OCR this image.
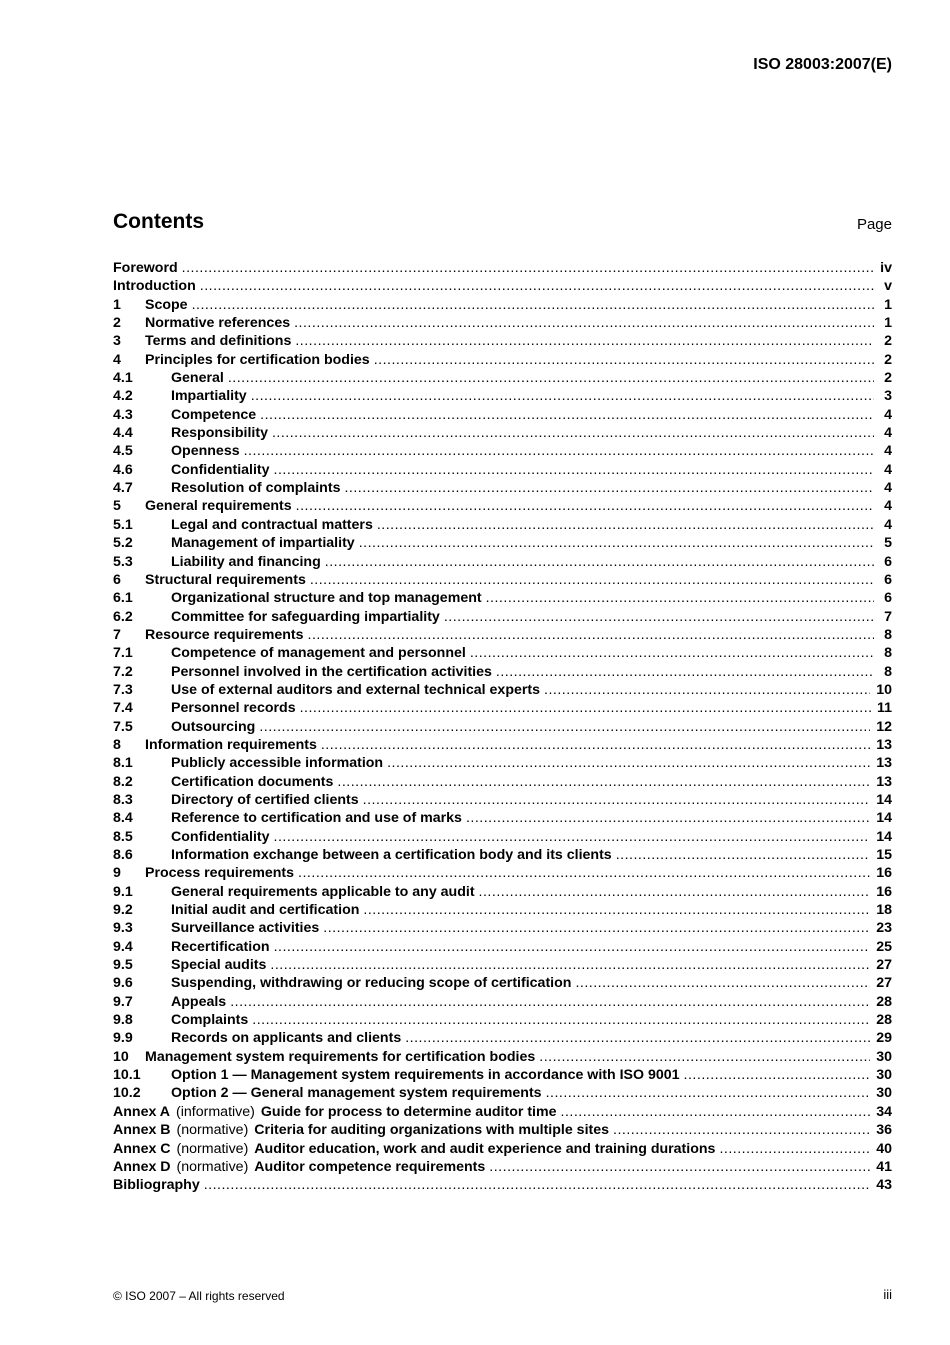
ISO 28003:2007(E)
Contents	Page
Foreword .....	iv
Introduction .....	v
1	Scope .....	1
2	Normative references .....	1
3	Terms and definitions .....	2
4	Principles for certification bodies .....	2
4.1	General .....	2
4.2	Impartiality .....	3
4.3	Competence .....	4
4.4	Responsibility .....	4
4.5	Openness .....	4
4.6	Confidentiality .....	4
4.7	Resolution of complaints .....	4
5	General requirements .....	4
5.1	Legal and contractual matters .....	4
5.2	Management of impartiality .....	5
5.3	Liability and financing .....	6
6	Structural requirements .....	6
6.1	Organizational structure and top management .....	6
6.2	Committee for safeguarding impartiality .....	7
7	Resource requirements .....	8
7.1	Competence of management and personnel .....	8
7.2	Personnel involved in the certification activities .....	8
7.3	Use of external auditors and external technical experts .....	10
7.4	Personnel records .....	11
7.5	Outsourcing .....	12
8	Information requirements .....	13
8.1	Publicly accessible information .....	13
8.2	Certification documents .....	13
8.3	Directory of certified clients .....	14
8.4	Reference to certification and use of marks .....	14
8.5	Confidentiality .....	14
8.6	Information exchange between a certification body and its clients .....	15
9	Process requirements .....	16
9.1	General requirements applicable to any audit .....	16
9.2	Initial audit and certification .....	18
9.3	Surveillance activities .....	23
9.4	Recertification .....	25
9.5	Special audits .....	27
9.6	Suspending, withdrawing or reducing scope of certification .....	27
9.7	Appeals .....	28
9.8	Complaints .....	28
9.9	Records on applicants and clients .....	29
10	Management system requirements for certification bodies .....	30
10.1	Option 1 — Management system requirements in accordance with ISO 9001 .....	30
10.2	Option 2 — General management system requirements .....	30
Annex A (informative) Guide for process to determine auditor time .....	34
Annex B (normative) Criteria for auditing organizations with multiple sites .....	36
Annex C (normative) Auditor education, work and audit experience and training durations .....	40
Annex D (normative) Auditor competence requirements .....	41
Bibliography .....	43
© ISO 2007 – All rights reserved	iii
